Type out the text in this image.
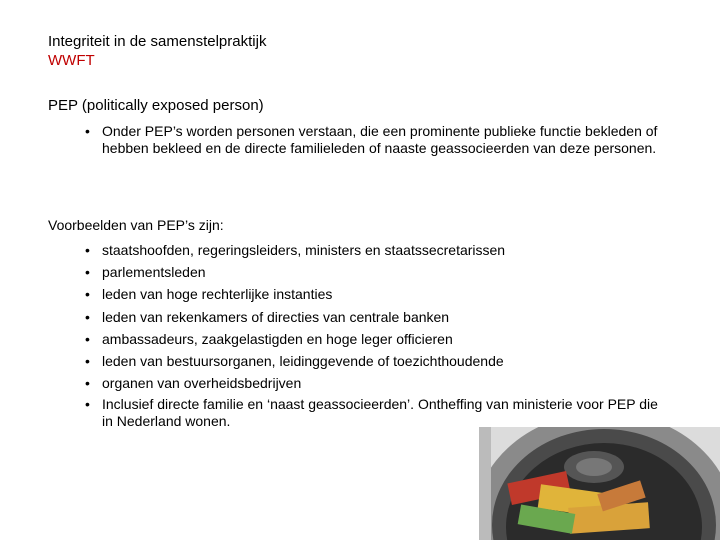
Integriteit in de samenstelpraktijk
WWFT
PEP (politically exposed person)
• Onder PEP’s worden personen verstaan, die een prominente publieke functie bekleden of hebben bekleed en de directe familieleden of naaste geassocieerden van deze personen.
Voorbeelden van PEP’s zijn:
• staatshoofden, regeringsleiders, ministers en staatssecretarissen
• parlementsleden
• leden van hoge rechterlijke instanties
• leden van rekenkamers of directies van centrale banken
• ambassadeurs, zaakgelastigden en hoge leger officieren
• leden van bestuursorganen, leidinggevende of toezichthoudende
• organen van overheidsbedrijven
• Inclusief directe familie en ‘naast geassocieerden’. Ontheffing van ministerie voor PEP die in Nederland wonen.
